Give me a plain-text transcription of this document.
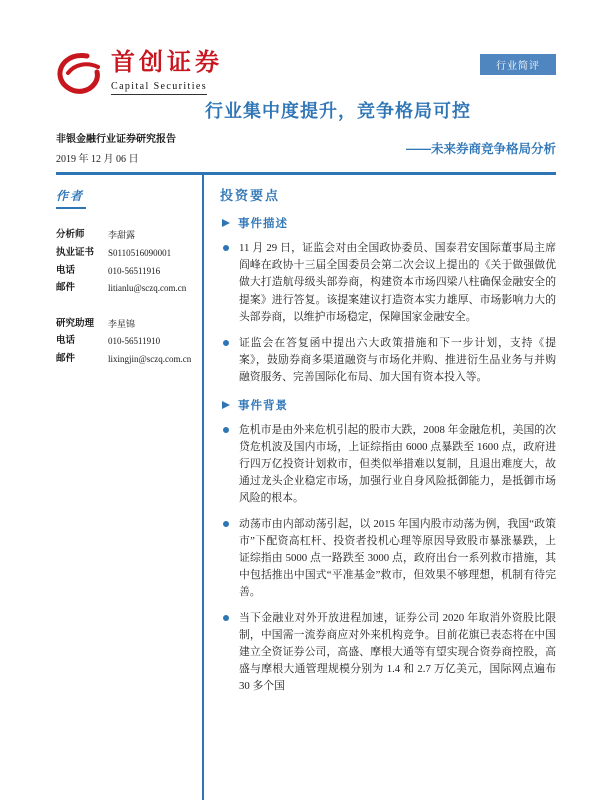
首创证券
Capital Securities
行业简评
行业集中度提升，竞争格局可控
非银金融行业证券研究报告
2019 年 12 月 06 日
——未来券商竞争格局分析
作者
分析师	李甜露
执业证书	S0110516090001
电话	010-56511916
邮件	litianlu@sczq.com.cn
研究助理	李星锦
电话	010-56511910
邮件	lixingjin@sczq.com.cn
投资要点
事件描述

11 月 29 日，证监会对由全国政协委员、国泰君安国际董事局主席阎峰在政协十三届全国委员会第二次会议上提出的《关于做强做优做大打造航母级头部券商，构建资本市场四梁八柱确保金融安全的提案》进行答复。该提案建议打造资本实力雄厚、市场影响力大的头部券商，以维护市场稳定，保障国家金融安全。

证监会在答复函中提出六大政策措施和下一步计划，支持《提案》，鼓励券商多渠道融资与市场化并购、推进衍生品业务与并购融资服务、完善国际化布局、加大国有资本投入等。

事件背景

危机市是由外来危机引起的股市大跌，2008 年金融危机，美国的次贷危机波及国内市场，上证综指由 6000 点暴跌至 1600 点，政府进行四万亿投资计划救市，但类似举措难以复制，且退出难度大，故通过龙头企业稳定市场，加强行业自身风险抵御能力，是抵御市场风险的根本。

动荡市由内部动荡引起，以 2015 年国内股市动荡为例，我国“政策市”下配资高杠杆、投资者投机心理等原因导致股市暴涨暴跌，上证综指由 5000 点一路跌至 3000 点，政府出台一系列救市措施，其中包括推出中国式“平准基金”救市，但效果不够理想，机制有待完善。

当下金融业对外开放进程加速，证券公司 2020 年取消外资股比限制，中国需一流券商应对外来机构竞争。目前花旗已表态将在中国建立全资证券公司，高盛、摩根大通等有望实现合资券商控股，高盛与摩根大通管理规模分别为 1.4 和 2.7 万亿美元，国际网点遍布 30 多个国
